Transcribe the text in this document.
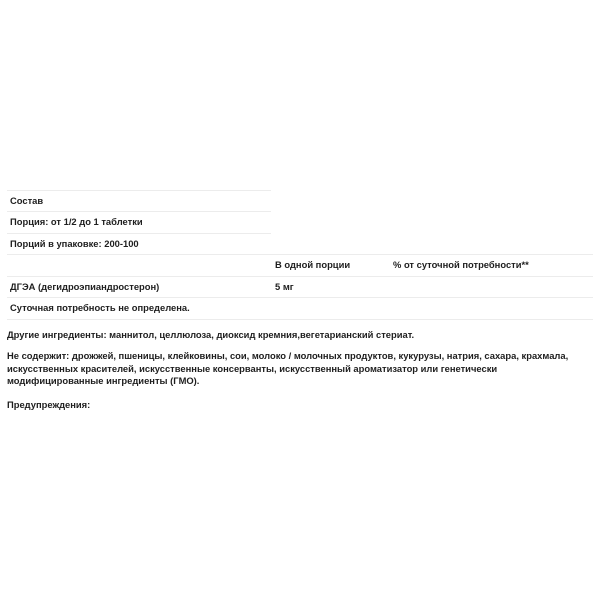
Состав
Порция: от 1/2 до 1 таблетки
Порций в упаковке: 200-100
В одной порции	% от суточной потребности**
ДГЭА (дегидроэпиандростерон)	5 мг
Суточная потребность не определена.
Другие ингредиенты: маннитол, целлюлоза, диоксид кремния,вегетарианский стериат.
Не содержит: дрожжей, пшеницы, клейковины, сои, молоко / молочных продуктов, кукурузы, натрия, сахара, крахмала,
искусственных красителей, искусственные консерванты, искусственный ароматизатор или генетически
модифицированные ингредиенты (ГМО).
Предупреждения:
